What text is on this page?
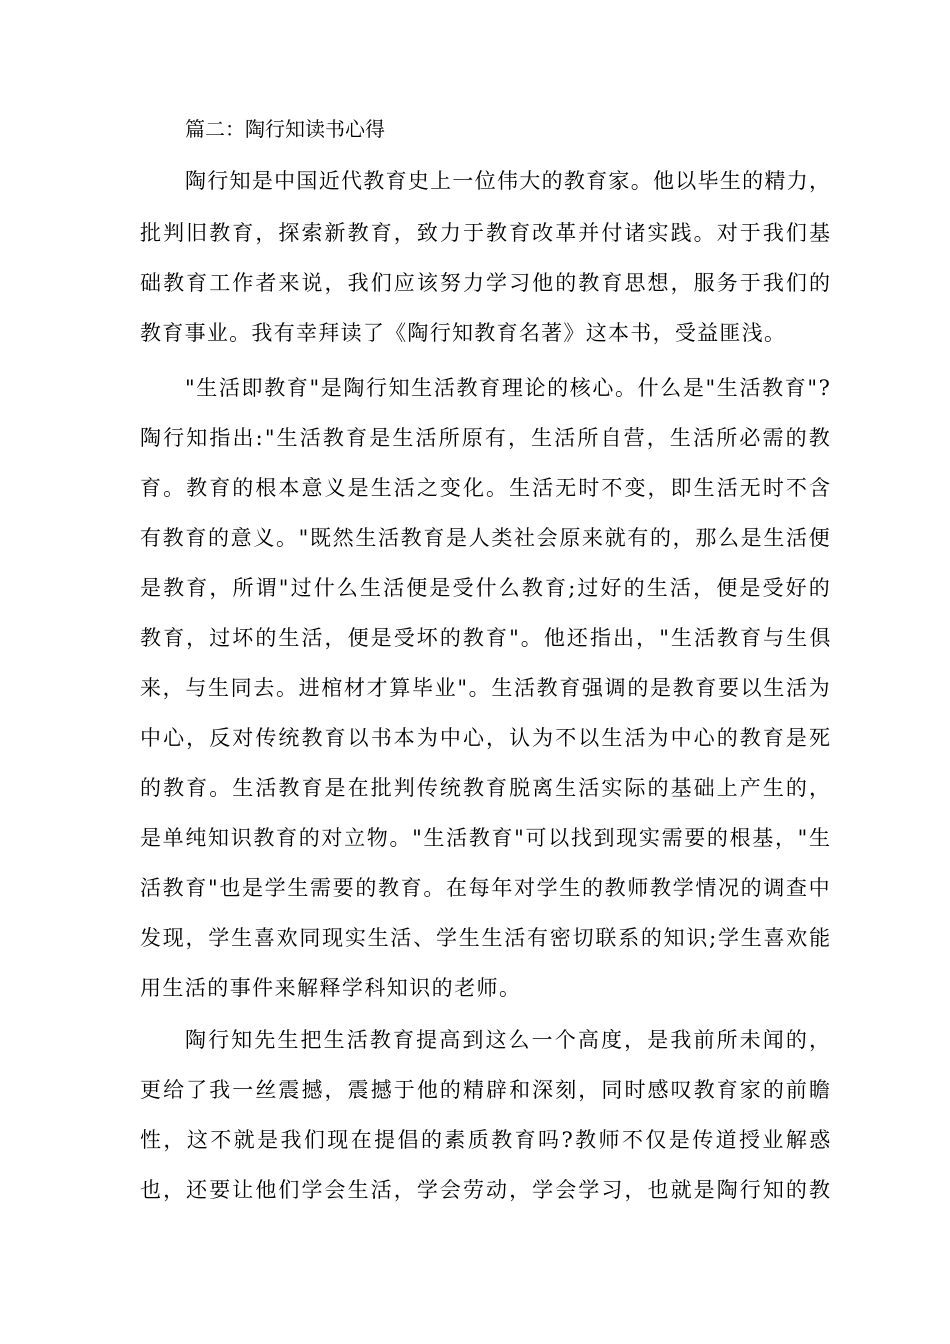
篇二：陶行知读书心得
陶行知是中国近代教育史上一位伟大的教育家。他以毕生的精力，
批判旧教育，探索新教育，致力于教育改革并付诸实践。对于我们基
础教育工作者来说，我们应该努力学习他的教育思想，服务于我们的
教育事业。我有幸拜读了《陶行知教育名著》这本书，受益匪浅。
"生活即教育"是陶行知生活教育理论的核心。什么是"生活教育"?
陶行知指出:"生活教育是生活所原有，生活所自营，生活所必需的教
育。教育的根本意义是生活之变化。生活无时不变，即生活无时不含
有教育的意义。"既然生活教育是人类社会原来就有的，那么是生活便
是教育，所谓"过什么生活便是受什么教育;过好的生活，便是受好的
教育，过坏的生活，便是受坏的教育"。他还指出，"生活教育与生俱
来，与生同去。进棺材才算毕业"。生活教育强调的是教育要以生活为
中心，反对传统教育以书本为中心，认为不以生活为中心的教育是死
的教育。生活教育是在批判传统教育脱离生活实际的基础上产生的，
是单纯知识教育的对立物。"生活教育"可以找到现实需要的根基，"生
活教育"也是学生需要的教育。在每年对学生的教师教学情况的调查中
发现，学生喜欢同现实生活、学生生活有密切联系的知识;学生喜欢能
用生活的事件来解释学科知识的老师。
陶行知先生把生活教育提高到这么一个高度，是我前所未闻的，
更给了我一丝震撼，震撼于他的精辟和深刻，同时感叹教育家的前瞻
性，这不就是我们现在提倡的素质教育吗?教师不仅是传道授业解惑
也，还要让他们学会生活，学会劳动，学会学习，也就是陶行知的教
